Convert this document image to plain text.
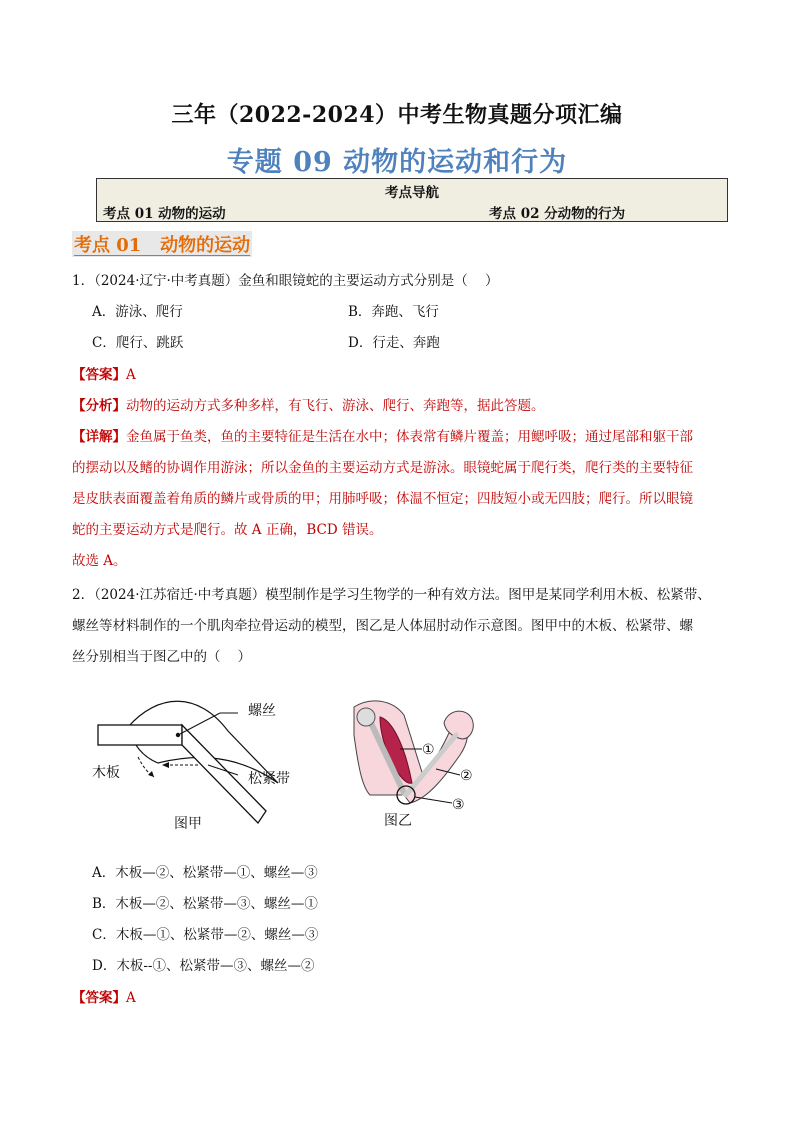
三年（2022-2024）中考生物真题分项汇编
专题 09 动物的运动和行为
考点导航
考点 01 动物的运动	考点 02 分动物的行为
考点 01   动物的运动
1．（2024·辽宁·中考真题）金鱼和眼镜蛇的主要运动方式分别是（    ）
A．游泳、爬行	B．奔跑、飞行
C．爬行、跳跃	D．行走、奔跑
【答案】A
【分析】动物的运动方式多种多样，有飞行、游泳、爬行、奔跑等，据此答题。
【详解】金鱼属于鱼类，鱼的主要特征是生活在水中；体表常有鳞片覆盖；用鳃呼吸；通过尾部和躯干部
的摆动以及鳍的协调作用游泳；所以金鱼的主要运动方式是游泳。眼镜蛇属于爬行类，爬行类的主要特征
是皮肤表面覆盖着角质的鳞片或骨质的甲；用肺呼吸；体温不恒定；四肢短小或无四肢；爬行。所以眼镜
蛇的主要运动方式是爬行。故 A 正确，BCD 错误。
故选 A。
2．（2024·江苏宿迁·中考真题）模型制作是学习生物学的一种有效方法。图甲是某同学利用木板、松紧带、
螺丝等材料制作的一个肌肉牵拉骨运动的模型，图乙是人体屈肘动作示意图。图甲中的木板、松紧带、螺
丝分别相当于图乙中的（    ）
螺丝
木板	松紧带
图甲
①
②
③
图乙
A．木板—②、松紧带—①、螺丝—③
B．木板—②、松紧带—③、螺丝—①
C．木板—①、松紧带—②、螺丝—③
D．木板--①、松紧带—③、螺丝—②
【答案】A
